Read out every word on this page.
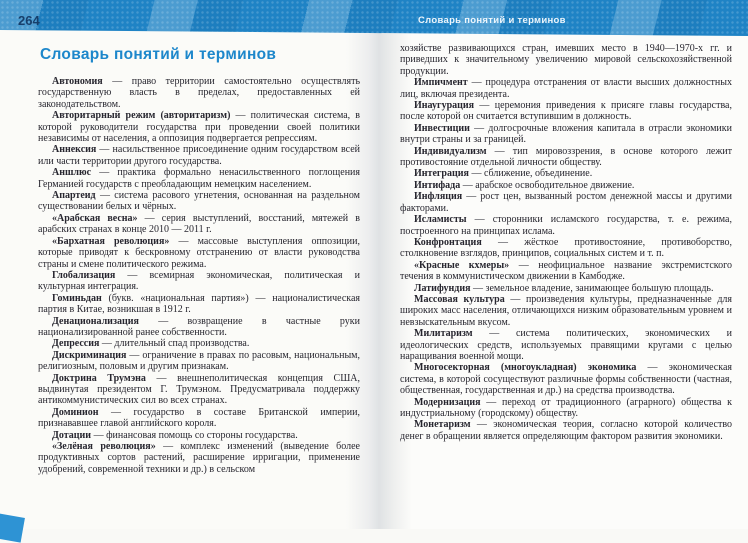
264	Словарь понятий и терминов
Словарь понятий и терминов

Автономия — право территории самостоятельно осуществлять государственную власть в пределах, предоставленных ей законодательством.

Авторитарный режим (авторитаризм) — политическая система, в которой руководители государства при проведении своей политики независимы от населения, а оппозиция подвергается репрессиям.

Аннексия — насильственное присоединение одним государством всей или части территории другого государства.

Аншлюс — практика формально ненасильственного поглощения Германией государств с преобладающим немецким населением.

Апартеид — система расового угнетения, основанная на раздельном существовании белых и чёрных.

«Арабская весна» — серия выступлений, восстаний, мятежей в арабских странах в конце 2010 — 2011 г.

«Бархатная революция» — массовые выступления оппозиции, которые приводят к бескровному отстранению от власти руководства страны и смене политического режима.

Глобализация — всемирная экономическая, политическая и культурная интеграция.

Гоминьдан (букв. «национальная партия») — националистическая партия в Китае, возникшая в 1912 г.

Денационализация — возвращение в частные руки национализированной ранее собственности.

Депрессия — длительный спад производства.

Дискриминация — ограничение в правах по расовым, национальным, религиозным, половым и другим признакам.

Доктрина Трумэна — внешнеполитическая концепция США, выдвинутая президентом Г. Трумэном. Предусматривала поддержку антикоммунистических сил во всех странах.

Доминион — государство в составе Британской империи, признававшее главой английского короля.

Дотации — финансовая помощь со стороны государства.

«Зелёная революция» — комплекс изменений (выведение более продуктивных сортов растений, расширение ирригации, применение удобрений, современной техники и др.) в сельском

хозяйстве развивающихся стран, имевших место в 1940—1970-х гг. и приведших к значительному увеличению мировой сельскохозяйственной продукции.

Импичмент — процедура отстранения от власти высших должностных лиц, включая президента.

Инаугурация — церемония приведения к присяге главы государства, после которой он считается вступившим в должность.

Инвестиции — долгосрочные вложения капитала в отрасли экономики внутри страны и за границей.

Индивидуализм — тип мировоззрения, в основе которого лежит противостояние отдельной личности обществу.

Интеграция — сближение, объединение.

Интифада — арабское освободительное движение.

Инфляция — рост цен, вызванный ростом денежной массы и другими факторами.

Исламисты — сторонники исламского государства, т. е. режима, построенного на принципах ислама.

Конфронтация — жёсткое противостояние, противоборство, столкновение взглядов, принципов, социальных систем и т. п.

«Красные кхмеры» — неофициальное название экстремистского течения в коммунистическом движении в Камбодже.

Латифундия — земельное владение, занимающее большую площадь.

Массовая культура — произведения культуры, предназначенные для широких масс населения, отличающихся низким образовательным уровнем и невзыскательным вкусом.

Милитаризм — система политических, экономических и идеологических средств, используемых правящими кругами с целью наращивания военной мощи.

Многосекторная (многоукладная) экономика — экономическая система, в которой сосуществуют различные формы собственности (частная, общественная, государственная и др.) на средства производства.

Модернизация — переход от традиционного (аграрного) общества к индустриальному (городскому) обществу.

Монетаризм — экономическая теория, согласно которой количество денег в обращении является определяющим фактором развития экономики.
